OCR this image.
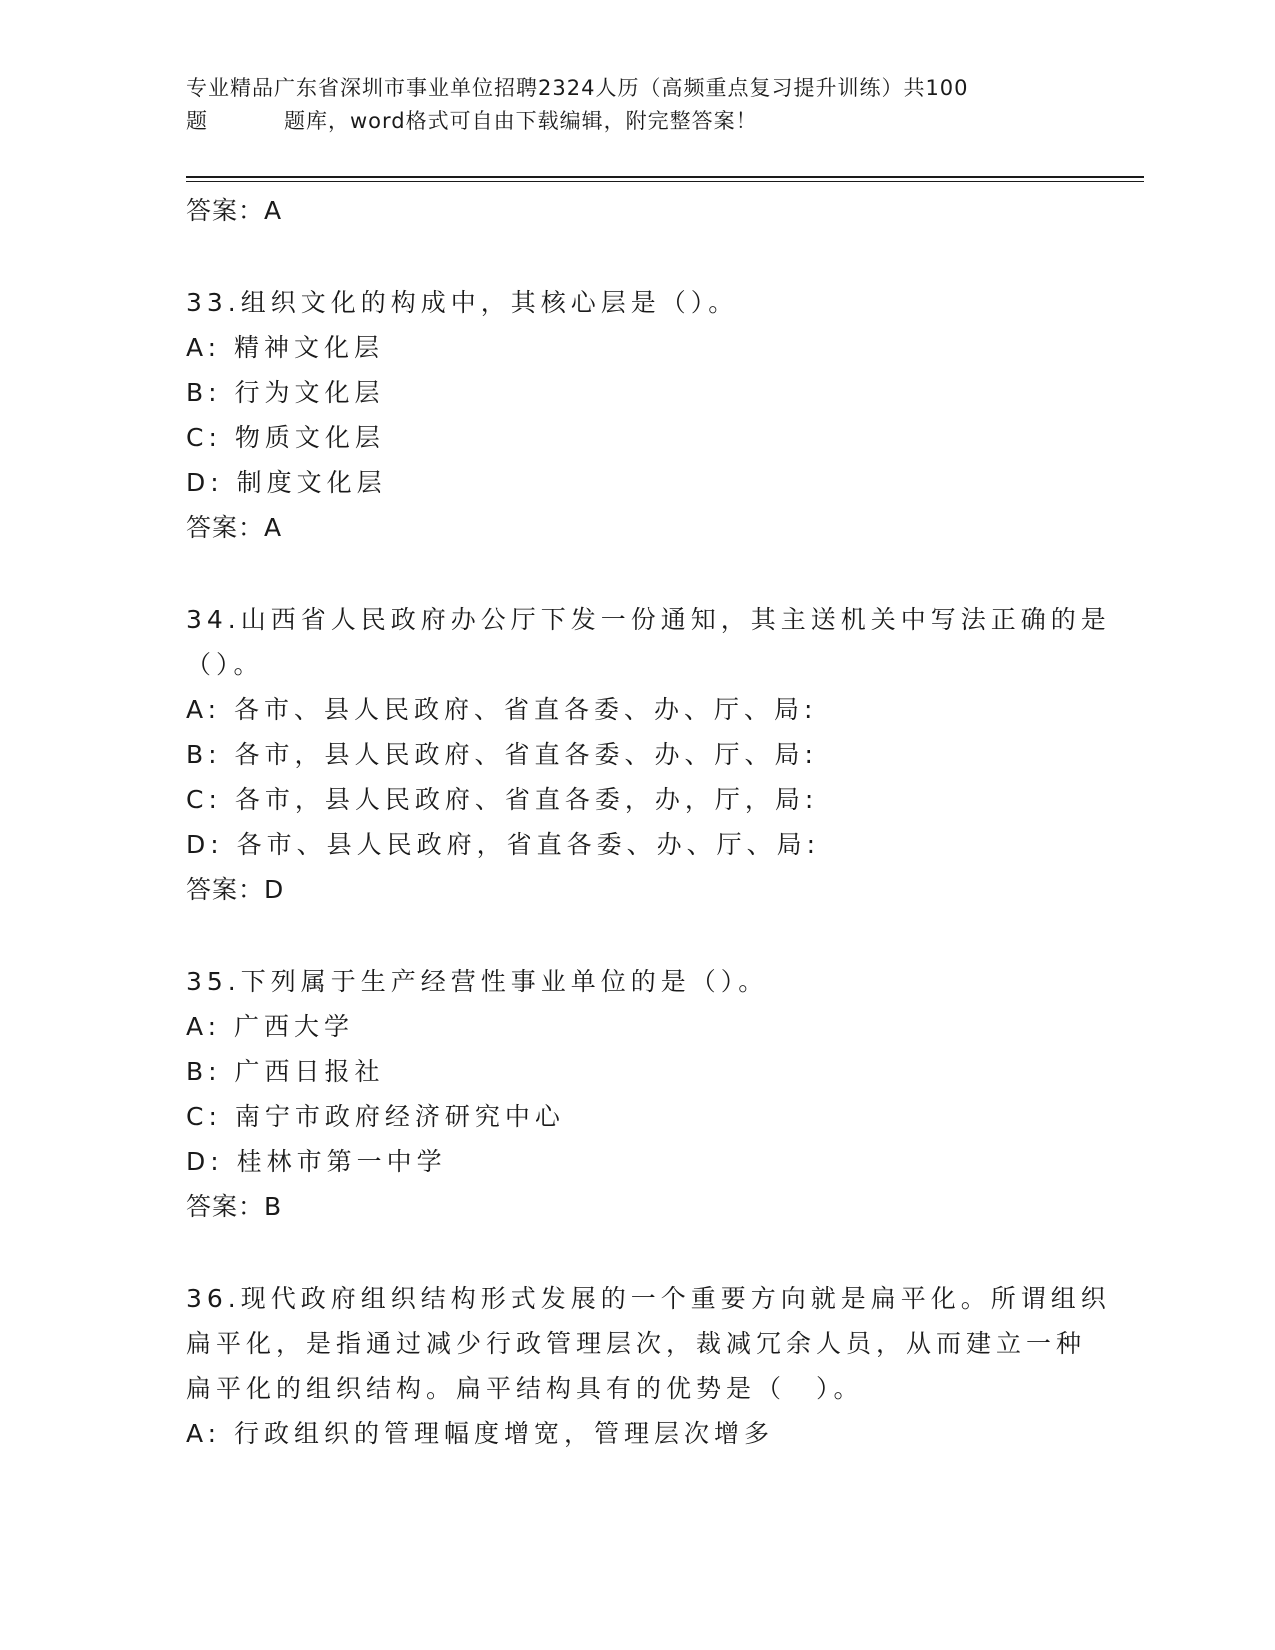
专业精品广东省深圳市事业单位招聘2324人历（高频重点复习提升训练）共100
题	题库，word格式可自由下载编辑，附完整答案！
答案：A
33.组织文化的构成中，其核心层是（）。
A: 精神文化层
B: 行为文化层
C: 物质文化层
D: 制度文化层
答案：A
34.山西省人民政府办公厅下发一份通知，其主送机关中写法正确的是
（）。
A: 各市、县人民政府、省直各委、办、厅、局:
B: 各市，县人民政府、省直各委、办、厅、局:
C: 各市，县人民政府、省直各委，办，厅，局:
D: 各市、县人民政府，省直各委、办、厅、局:
答案：D
35.下列属于生产经营性事业单位的是（）。
A: 广西大学
B: 广西日报社
C: 南宁市政府经济研究中心
D: 桂林市第一中学
答案：B
36.现代政府组织结构形式发展的一个重要方向就是扁平化。所谓组织
扁平化，是指通过减少行政管理层次，裁减冗余人员，从而建立一种
扁平化的组织结构。扁平结构具有的优势是（　）。
A: 行政组织的管理幅度增宽，管理层次增多
